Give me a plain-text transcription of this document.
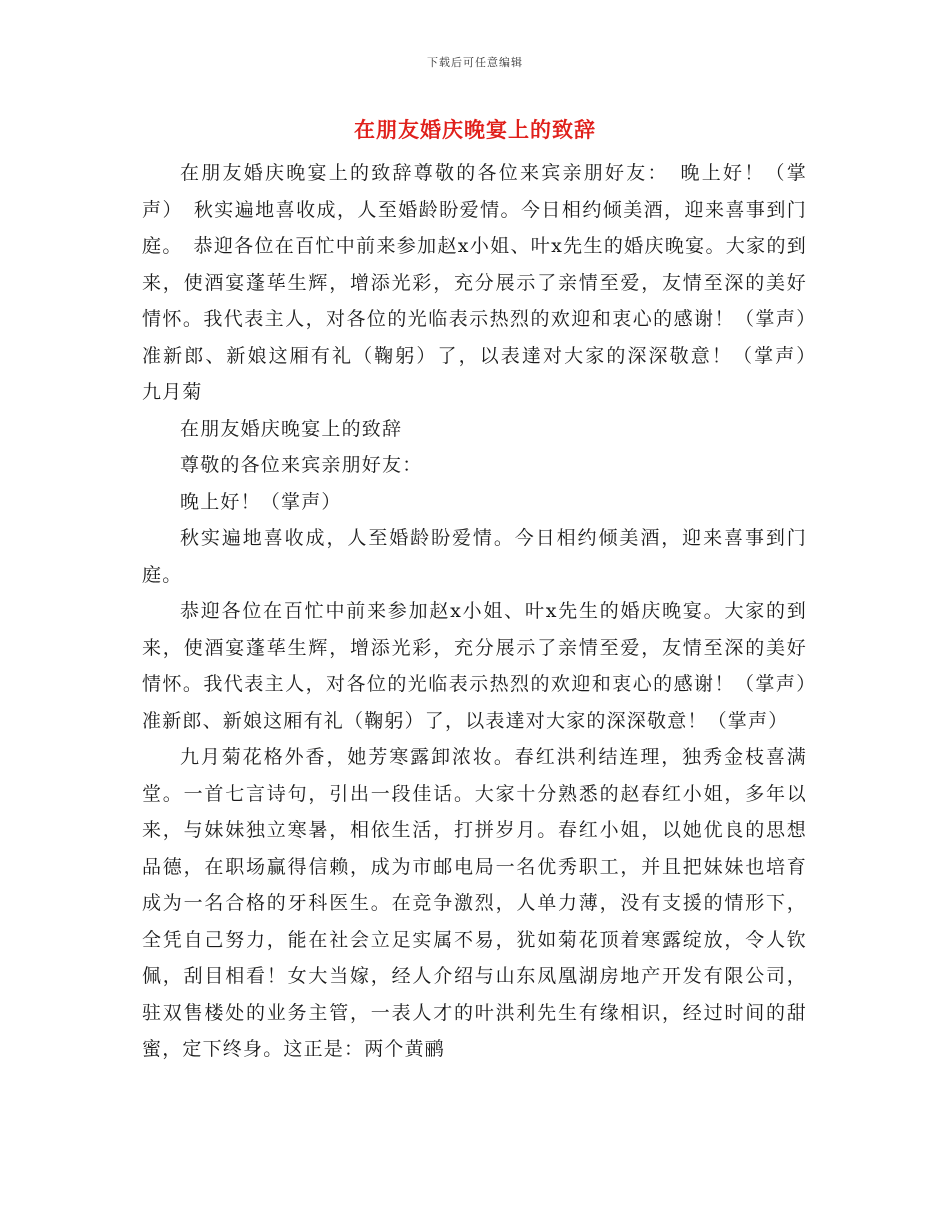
下载后可任意编辑
在朋友婚庆晚宴上的致辞

在朋友婚庆晚宴上的致辞尊敬的各位来宾亲朋好友：　晚上好！（掌声）　秋实遍地喜收成，人至婚龄盼爱情。今日相约倾美酒，迎来喜事到门庭。　恭迎各位在百忙中前来参加赵x小姐、叶x先生的婚庆晚宴。大家的到来，使酒宴蓬荜生辉，增添光彩，充分展示了亲情至爱，友情至深的美好情怀。我代表主人，对各位的光临表示热烈的欢迎和衷心的感谢！（掌声）准新郎、新娘这厢有礼（鞠躬）了，以表達对大家的深深敬意！（掌声）　九月菊

在朋友婚庆晚宴上的致辞

尊敬的各位来宾亲朋好友：

晚上好！（掌声）

秋实遍地喜收成，人至婚龄盼爱情。今日相约倾美酒，迎来喜事到门庭。

恭迎各位在百忙中前来参加赵x小姐、叶x先生的婚庆晚宴。大家的到来，使酒宴蓬荜生辉，增添光彩，充分展示了亲情至爱，友情至深的美好情怀。我代表主人，对各位的光临表示热烈的欢迎和衷心的感谢！（掌声）准新郎、新娘这厢有礼（鞠躬）了，以表達对大家的深深敬意！（掌声）

九月菊花格外香，她芳寒露卸浓妆。春红洪利结连理，独秀金枝喜满堂。一首七言诗句，引出一段佳话。大家十分熟悉的赵春红小姐，多年以来，与妹妹独立寒暑，相依生活，打拼岁月。春红小姐，以她优良的思想品德，在职场赢得信赖，成为市邮电局一名优秀职工，并且把妹妹也培育成为一名合格的牙科医生。在竞争激烈，人单力薄，没有支援的情形下，全凭自己努力，能在社会立足实属不易，犹如菊花顶着寒露绽放，令人钦佩，刮目相看！女大当嫁，经人介绍与山东凤凰湖房地产开发有限公司，驻双售楼处的业务主管，一表人才的叶洪利先生有缘相识，经过时间的甜蜜，定下终身。这正是：两个黄鹂
